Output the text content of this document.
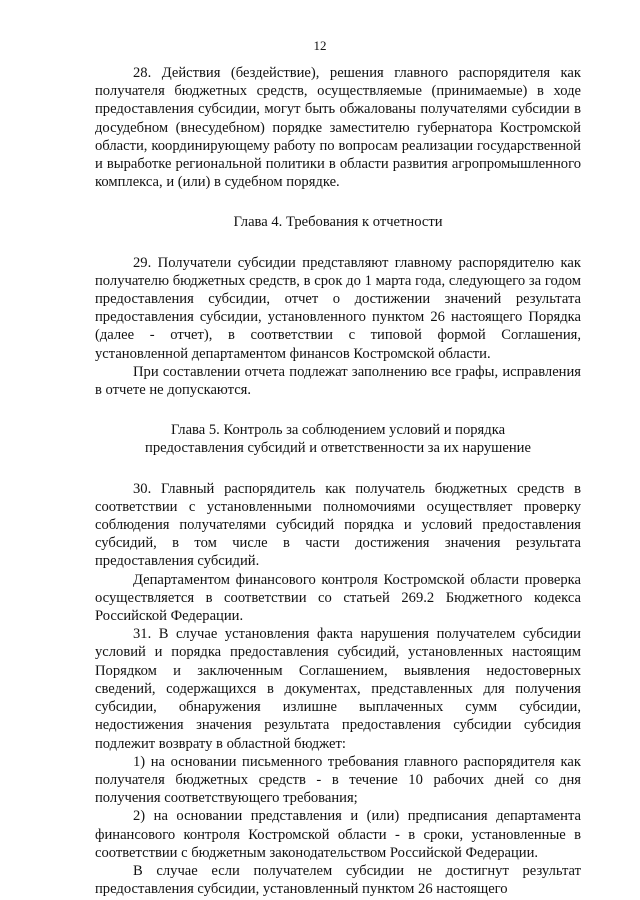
12

28. Действия (бездействие), решения главного распорядителя как получателя бюджетных средств, осуществляемые (принимаемые) в ходе предоставления субсидии, могут быть обжалованы получателями субсидии в досудебном (внесудебном) порядке заместителю губернатора Костромской области, координирующему работу по вопросам реализации государственной и выработке региональной политики в области развития агропромышленного комплекса, и (или) в судебном порядке.

Глава 4. Требования к отчетности

29. Получатели субсидии представляют главному распорядителю как получателю бюджетных средств, в срок до 1 марта года, следующего за годом предоставления субсидии, отчет о достижении значений результата предоставления субсидии, установленного пунктом 26 настоящего Порядка (далее - отчет), в соответствии с типовой формой Соглашения, установленной департаментом финансов Костромской области.

При составлении отчета подлежат заполнению все графы, исправления в отчете не допускаются.

Глава 5. Контроль за соблюдением условий и порядка
предоставления субсидий и ответственности за их нарушение

30. Главный распорядитель как получатель бюджетных средств в соответствии с установленными полномочиями осуществляет проверку соблюдения получателями субсидий порядка и условий предоставления субсидий, в том числе в части достижения значения результата предоставления субсидий.

Департаментом финансового контроля Костромской области проверка осуществляется в соответствии со статьей 269.2 Бюджетного кодекса Российской Федерации.

31. В случае установления факта нарушения получателем субсидии условий и порядка предоставления субсидий, установленных настоящим Порядком и заключенным Соглашением, выявления недостоверных сведений, содержащихся в документах, представленных для получения субсидии, обнаружения излишне выплаченных сумм субсидии, недостижения значения результата предоставления субсидии субсидия подлежит возврату в областной бюджет:

1) на основании письменного требования главного распорядителя как получателя бюджетных средств - в течение 10 рабочих дней со дня получения соответствующего требования;

2) на основании представления и (или) предписания департамента финансового контроля Костромской области - в сроки, установленные в соответствии с бюджетным законодательством Российской Федерации.

В случае если получателем субсидии не достигнут результат предоставления субсидии, установленный пунктом 26 настоящего
